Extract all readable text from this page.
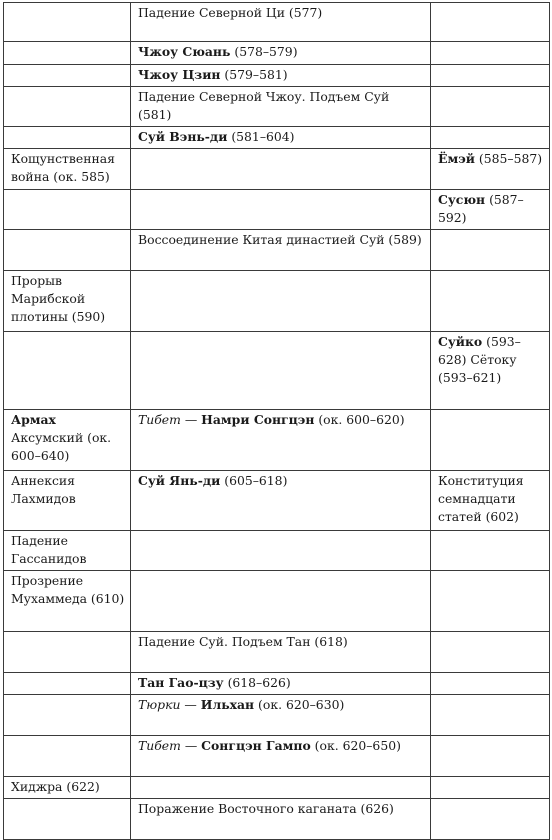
	Падение Северной Ци (577)	
	Чжоу Сюань (578–579)	
	Чжоу Цзин (579–581)	
	Падение Северной Чжоу. Подъем Суй (581)	
	Суй Вэнь-ди (581–604)	
Кощунственная война (ок. 585)		Ёмэй (585–587)
		Сусюн (587–592)
	Воссоединение Китая династией Суй (589)	
Прорыв Марибской плотины (590)		
		Суйко (593–628) Сётоку (593–621)
Армах Аксумский (ок. 600–640)	Тибет — Намри Сонгцэн (ок. 600–620)	
Аннексия Лахмидов	Суй Янь-ди (605–618)	Конституция семнадцати статей (602)
Падение Гассанидов		
Прозрение Мухаммеда (610)		
	Падение Суй. Подъем Тан (618)	
	Тан Гао-цзу (618–626)	
	Тюрки — Ильхан (ок. 620–630)	
	Тибет — Сонгцэн Гампо (ок. 620–650)	
Хиджра (622)		
	Поражение Восточного каганата (626)	
